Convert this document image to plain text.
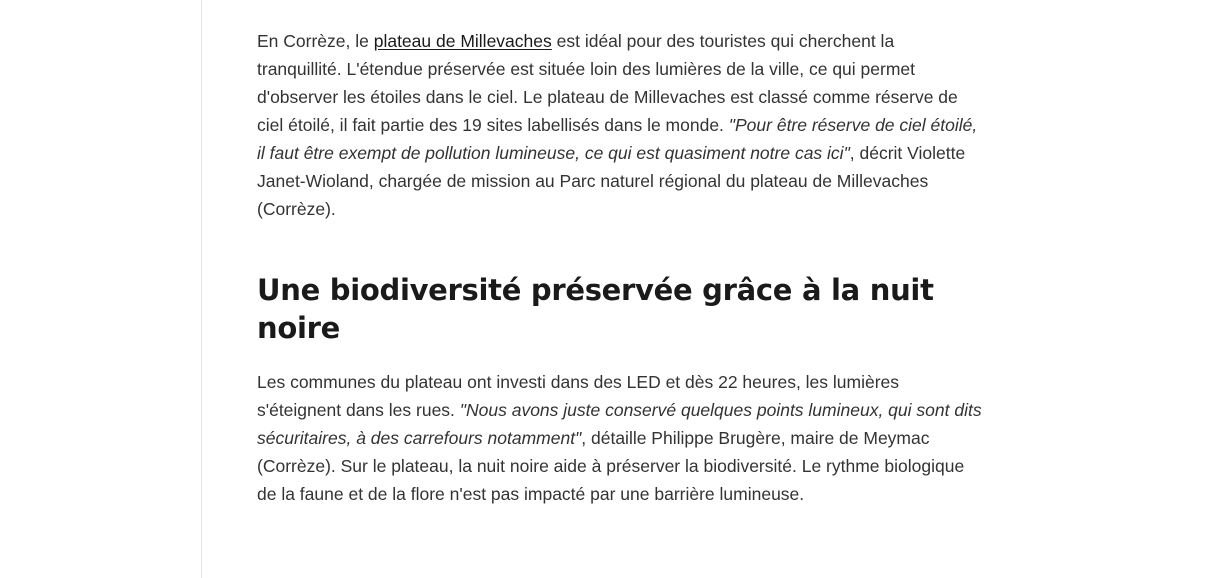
En Corrèze, le plateau de Millevaches est idéal pour des touristes qui cherchent la tranquillité. L'étendue préservée est située loin des lumières de la ville, ce qui permet d'observer les étoiles dans le ciel. Le plateau de Millevaches est classé comme réserve de ciel étoilé, il fait partie des 19 sites labellisés dans le monde. "Pour être réserve de ciel étoilé, il faut être exempt de pollution lumineuse, ce qui est quasiment notre cas ici", décrit Violette Janet-Wioland, chargée de mission au Parc naturel régional du plateau de Millevaches (Corrèze).

Une biodiversité préservée grâce à la nuit noire

Les communes du plateau ont investi dans des LED et dès 22 heures, les lumières s'éteignent dans les rues. "Nous avons juste conservé quelques points lumineux, qui sont dits sécuritaires, à des carrefours notamment", détaille Philippe Brugère, maire de Meymac (Corrèze). Sur le plateau, la nuit noire aide à préserver la biodiversité. Le rythme biologique de la faune et de la flore n'est pas impacté par une barrière lumineuse.
